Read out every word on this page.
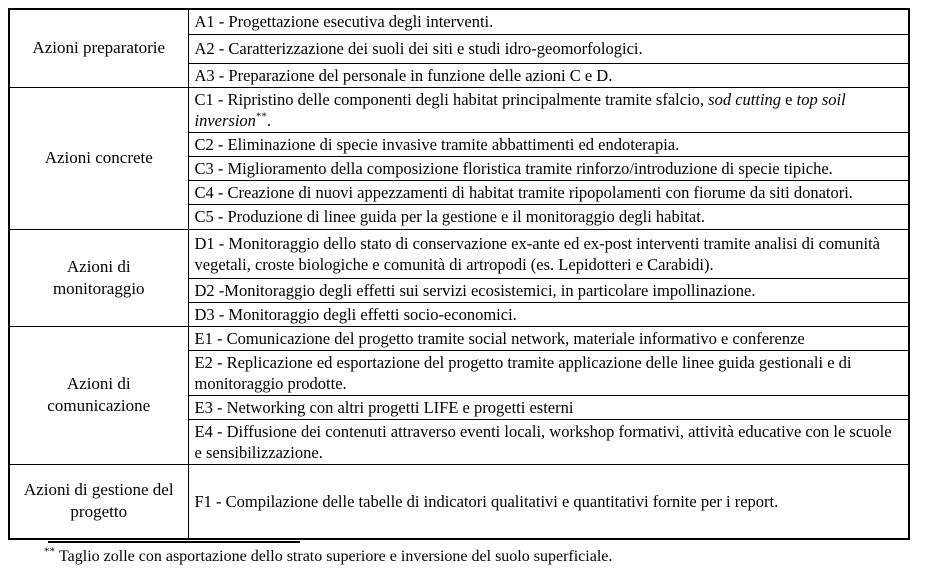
Azioni preparatorie	A1 - Progettazione esecutiva degli interventi.
	A2 - Caratterizzazione dei suoli dei siti e studi idro-geomorfologici.
	A3 - Preparazione del personale in funzione delle azioni C e D.
Azioni concrete	C1 - Ripristino delle componenti degli habitat principalmente tramite sfalcio, sod cutting e top soil inversion**.
	C2 - Eliminazione di specie invasive tramite abbattimenti ed endoterapia.
	C3 - Miglioramento della composizione floristica tramite rinforzo/introduzione di specie tipiche.
	C4 - Creazione di nuovi appezzamenti di habitat tramite ripopolamenti con fiorume da siti donatori.
	C5 - Produzione di linee guida per la gestione e il monitoraggio degli habitat.
Azioni di monitoraggio	D1 - Monitoraggio dello stato di conservazione ex-ante ed ex-post interventi tramite analisi di comunità vegetali, croste biologiche e comunità di artropodi (es. Lepidotteri e Carabidi).
	D2 -Monitoraggio degli effetti sui servizi ecosistemici, in particolare impollinazione.
	D3 - Monitoraggio degli effetti socio-economici.
Azioni di comunicazione	E1 - Comunicazione del progetto tramite social network, materiale informativo e conferenze
	E2 - Replicazione ed esportazione del progetto tramite applicazione delle linee guida gestionali e di monitoraggio prodotte.
	E3 - Networking con altri progetti LIFE e progetti esterni
	E4 - Diffusione dei contenuti attraverso eventi locali, workshop formativi, attività educative con le scuole e sensibilizzazione.
Azioni di gestione del progetto	F1 - Compilazione delle tabelle di indicatori qualitativi e quantitativi fornite per i report.
** Taglio zolle con asportazione dello strato superiore e inversione del suolo superficiale.
